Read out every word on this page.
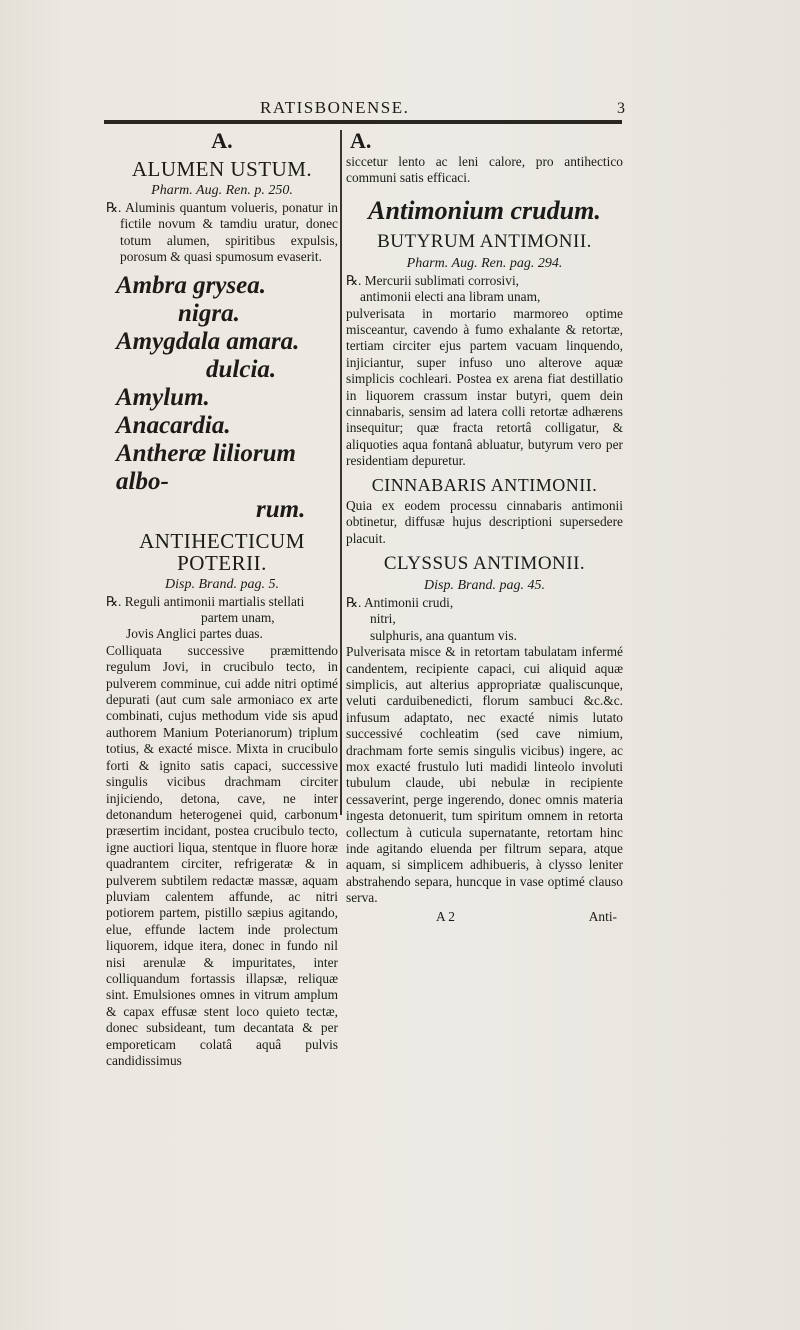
RATISBONENSE.	3
A.
ALUMEN USTUM.
Pharm. Aug. Ren. p. 250.

℞. Aluminis quantum volueris, ponatur in fictile novum & tamdiu uratur, donec totum alumen, spiritibus expulsis, porosum & quasi spumosum evaserit.

Ambra grysea.
nigra.
Amygdala amara.
dulcia.
Amylum.
Anacardia.
Antheræ liliorum albo-
rum.
ANTIHECTICUM POTERII.
Disp. Brand. pag. 5.

℞. Reguli antimonii martialis stellati

partem unam,

Jovis Anglici partes duas.

Colliquata successive præmittendo regulum Jovi, in crucibulo tecto, in pulverem comminue, cui adde nitri optimé depurati (aut cum sale armoniaco ex arte combinati, cujus methodum vide sis apud authorem Manium Poterianorum) triplum totius, & exacté misce. Mixta in crucibulo forti & ignito satis capaci, successive singulis vicibus drachmam circiter injiciendo, detona, cave, ne inter detonandum heterogenei quid, carbonum præsertim incidant, postea crucibulo tecto, igne auctiori liqua, stentque in fluore horæ quadrantem circiter, refrigeratæ & in pulverem subtilem redactæ massæ, aquam pluviam calentem affunde, ac nitri potiorem partem, pistillo sæpius agitando, elue, effunde lactem inde prolectum liquorem, idque itera, donec in fundo nil nisi arenulæ & impuritates, inter colliquandum fortassis illapsæ, reliquæ sint. Emulsiones omnes in vitrum amplum & capax effusæ stent loco quieto tectæ, donec subsideant, tum decantata & per emporeticam colatâ aquâ pulvis candidissimus

A.

siccetur lento ac leni calore, pro antihectico communi satis efficaci.

Antimonium crudum.
BUTYRUM ANTIMONII.
Pharm. Aug. Ren. pag. 294.

℞. Mercurii sublimati corrosivi,

antimonii electi ana libram unam,

pulverisata in mortario marmoreo optime misceantur, cavendo à fumo exhalante & retortæ, tertiam circiter ejus partem vacuam linquendo, injiciantur, super infuso uno alterove aquæ simplicis cochleari. Postea ex arena fiat destillatio in liquorem crassum instar butyri, quem dein cinnabaris, sensim ad latera colli retortæ adhærens insequitur; quæ fracta retortâ colligatur, & aliquoties aqua fontanâ abluatur, butyrum vero per residentiam depuretur.

CINNABARIS ANTIMONII.

Quia ex eodem processu cinnabaris antimonii obtinetur, diffusæ hujus descriptioni supersedere placuit.

CLYSSUS ANTIMONII.
Disp. Brand. pag. 45.

℞. Antimonii crudi,

nitri,

sulphuris, ana quantum vis.

Pulverisata misce & in retortam tabulatam infermé candentem, recipiente capaci, cui aliquid aquæ simplicis, aut alterius appropriatæ qualiscunque, veluti carduibenedicti, florum sambuci &c.&c. infusum adaptato, nec exacté nimis lutato successivé cochleatim (sed cave nimium, drachmam forte semis singulis vicibus) ingere, ac mox exacté frustulo luti madidi linteolo involuti tubulum claude, ubi nebulæ in recipiente cessaverint, perge ingerendo, donec omnis materia ingesta detonuerit, tum spiritum omnem in retorta collectum à cuticula supernatante, retortam hinc inde agitando eluenda per filtrum separa, atque aquam, si simplicem adhibueris, à clysso leniter abstrahendo separa, huncque in vase optimé clauso serva.

A 2	Anti-
